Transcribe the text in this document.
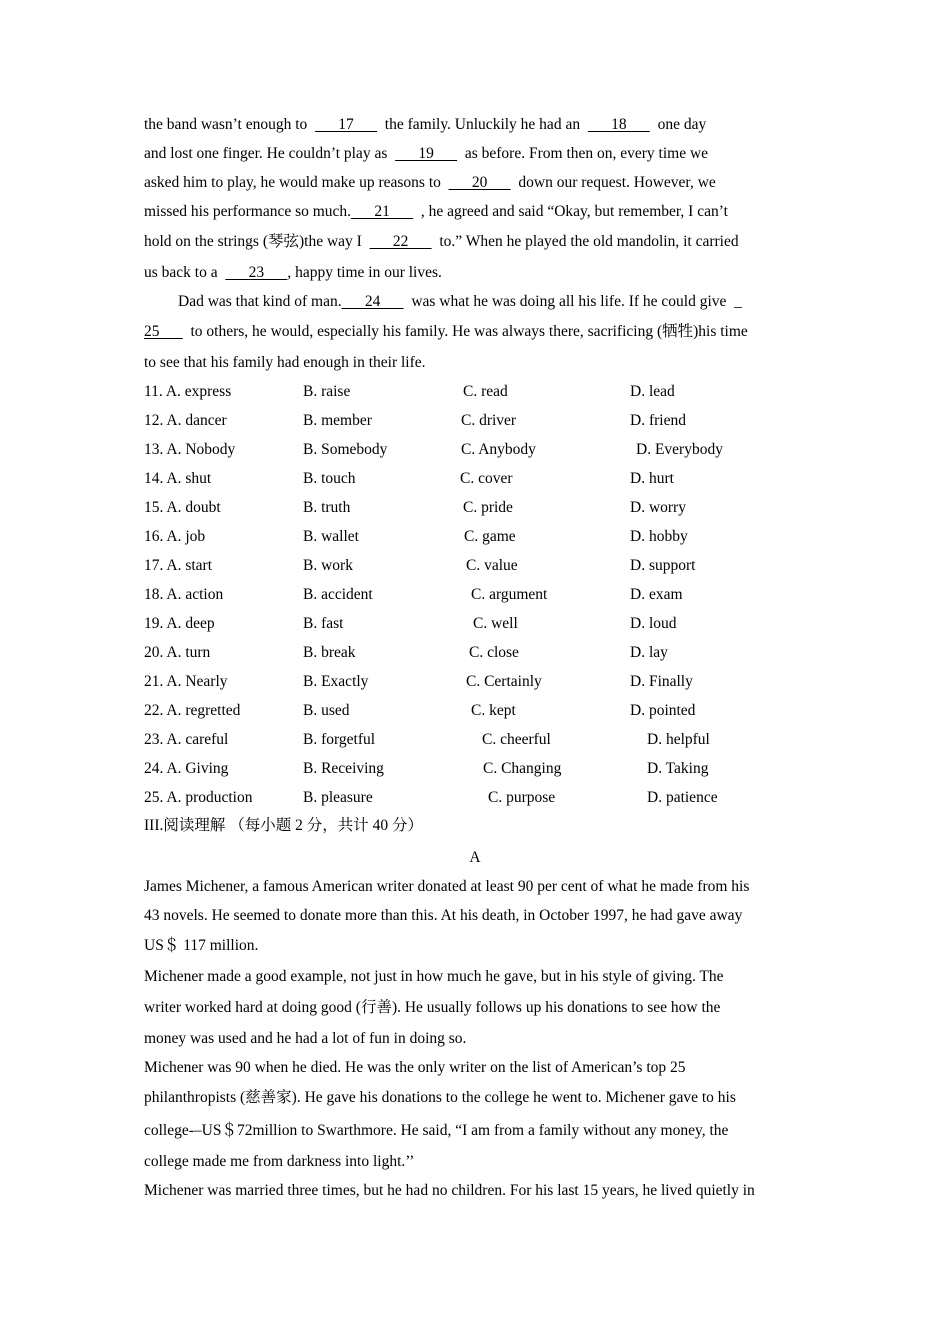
the band wasn’t enough to        17        the family. Unluckily he had an        18        one day
and lost one finger. He couldn’t play as        19        as before. From then on, every time we
asked him to play, he would make up reasons to        20        down our request. However, we
missed his performance so much.      21        , he agreed and said “Okay, but remember, I can’t
hold on the strings (琴弦)the way I        22        to.” When he played the old mandolin, it carried
us back to a        23      , happy time in our lives.
Dad was that kind of man.      24        was what he was doing all his life. If he could give  _
25        to others, he would, especially his family. He was always there, sacrificing (牺牲)his time
to see that his family had enough in their life.
11. A. express	B. raise	C. read	D. lead
12. A. dancer	B. member	C. driver	D. friend
13. A. Nobody	B. Somebody	C. Anybody	D. Everybody
14. A. shut	B. touch	C. cover	D. hurt
15. A. doubt	B. truth	C. pride	D. worry
16. A. job	B. wallet	C. game	D. hobby
17. A. start	B. work	C. value	D. support
18. A. action	B. accident	C. argument	D. exam
19. A. deep	B. fast	C. well	D. loud
20. A. turn	B. break	C. close	D. lay
21. A. Nearly	B. Exactly	C. Certainly	D. Finally
22. A. regretted	B. used	C. kept	D. pointed
23. A. careful	B. forgetful	C. cheerful	D. helpful
24. A. Giving	B. Receiving	C. Changing	D. Taking
25. A. production	B. pleasure	C. purpose	D. patience
III.阅读理解 （每小题 2 分，共计 40 分）
A
James Michener, a famous American writer donated at least 90 per cent of what he made from his
43 novels. He seemed to donate more than this. At his death, in October 1997, he had gave away
US＄ 117 million.
Michener made a good example, not just in how much he gave, but in his style of giving. The
writer worked hard at doing good (行善). He usually follows up his donations to see how the
money was used and he had a lot of fun in doing so.
Michener was 90 when he died. He was the only writer on the list of American’s top 25
philanthropists (慈善家). He gave his donations to the college he went to. Michener gave to his
college-–US＄72million to Swarthmore. He said, “I am from a family without any money, the
college made me from darkness into light.’’
Michener was married three times, but he had no children. For his last 15 years, he lived quietly in
